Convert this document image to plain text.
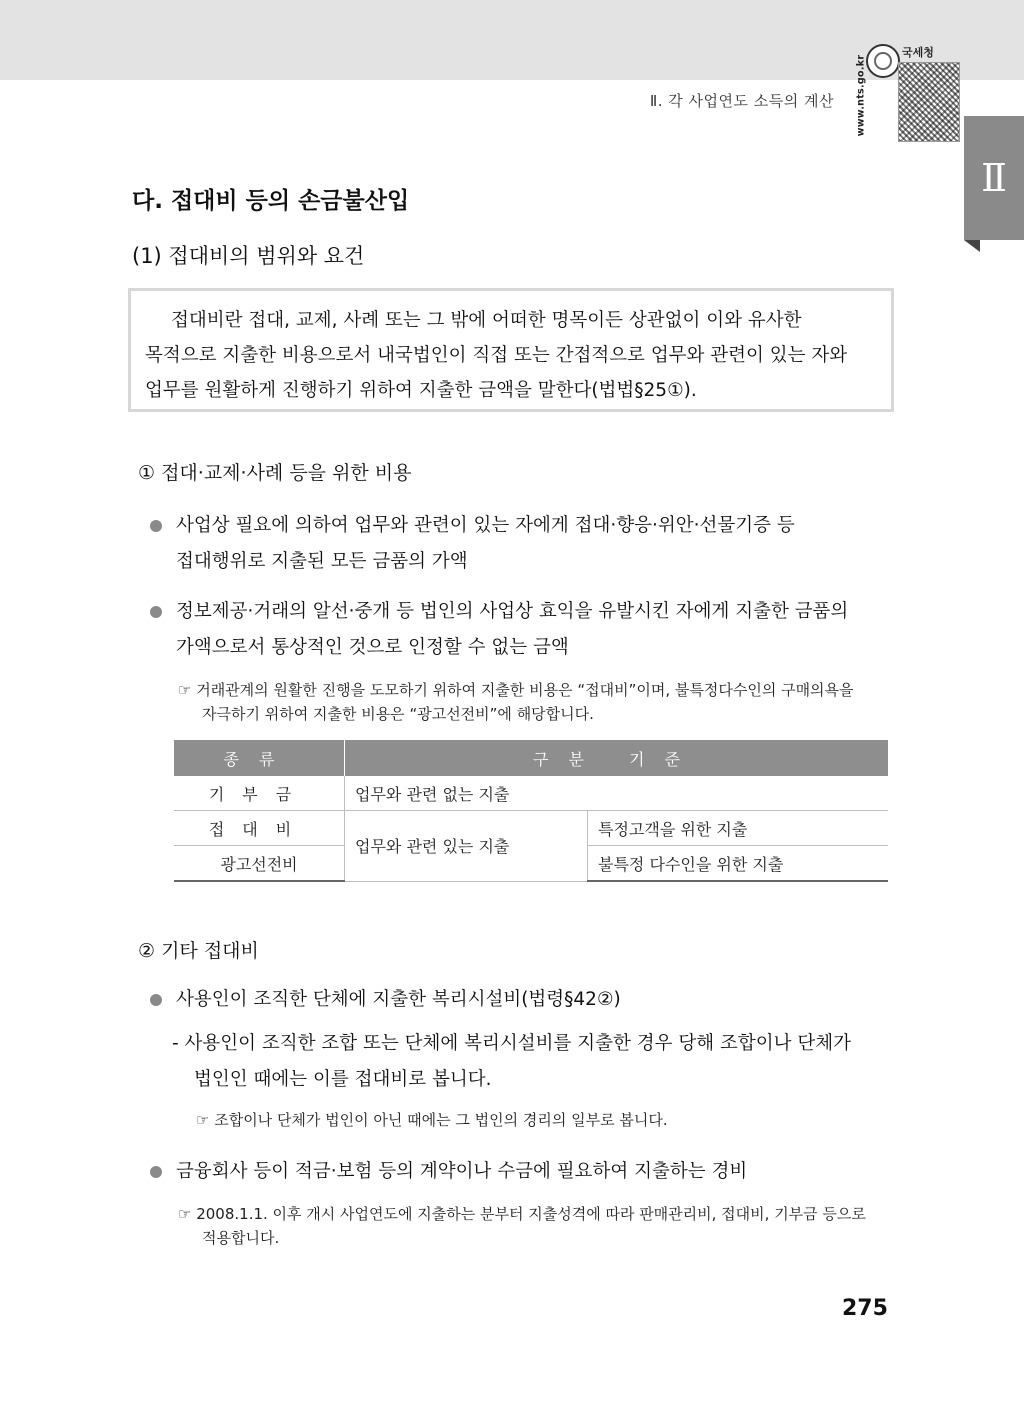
Ⅱ. 각 사업연도 소득의 계산 www.nts.go.kr
국세청
Ⅱ
다. 접대비 등의 손금불산입
(1) 접대비의 범위와 요건
접대비란 접대, 교제, 사례 또는 그 밖에 어떠한 명목이든 상관없이 이와 유사한
목적으로 지출한 비용으로서 내국법인이 직접 또는 간접적으로 업무와 관련이 있는 자와
업무를 원활하게 진행하기 위하여 지출한 금액을 말한다(법법§25①).
① 접대·교제·사례 등을 위한 비용
사업상 필요에 의하여 업무와 관련이 있는 자에게 접대·향응·위안·선물기증 등
접대행위로 지출된 모든 금품의 가액
정보제공·거래의 알선·중개 등 법인의 사업상 효익을 유발시킨 자에게 지출한 금품의
가액으로서 통상적인 것으로 인정할 수 없는 금액
☞ 거래관계의 원활한 진행을 도모하기 위하여 지출한 비용은 “접대비”이며, 불특정다수인의 구매의욕을
자극하기 위하여 지출한 비용은 “광고선전비”에 해당합니다.
종류	구분 기준	
기부금	업무와 관련 없는 지출	
접대비	업무와 관련 있는 지출	특정고객을 위한 지출
광고선전비		불특정 다수인을 위한 지출
② 기타 접대비
사용인이 조직한 단체에 지출한 복리시설비(법령§42②)
- 사용인이 조직한 조합 또는 단체에 복리시설비를 지출한 경우 당해 조합이나 단체가
법인인 때에는 이를 접대비로 봅니다.
☞ 조합이나 단체가 법인이 아닌 때에는 그 법인의 경리의 일부로 봅니다.
금융회사 등이 적금·보험 등의 계약이나 수금에 필요하여 지출하는 경비
☞ 2008.1.1. 이후 개시 사업연도에 지출하는 분부터 지출성격에 따라 판매관리비, 접대비, 기부금 등으로
적용합니다.
275
